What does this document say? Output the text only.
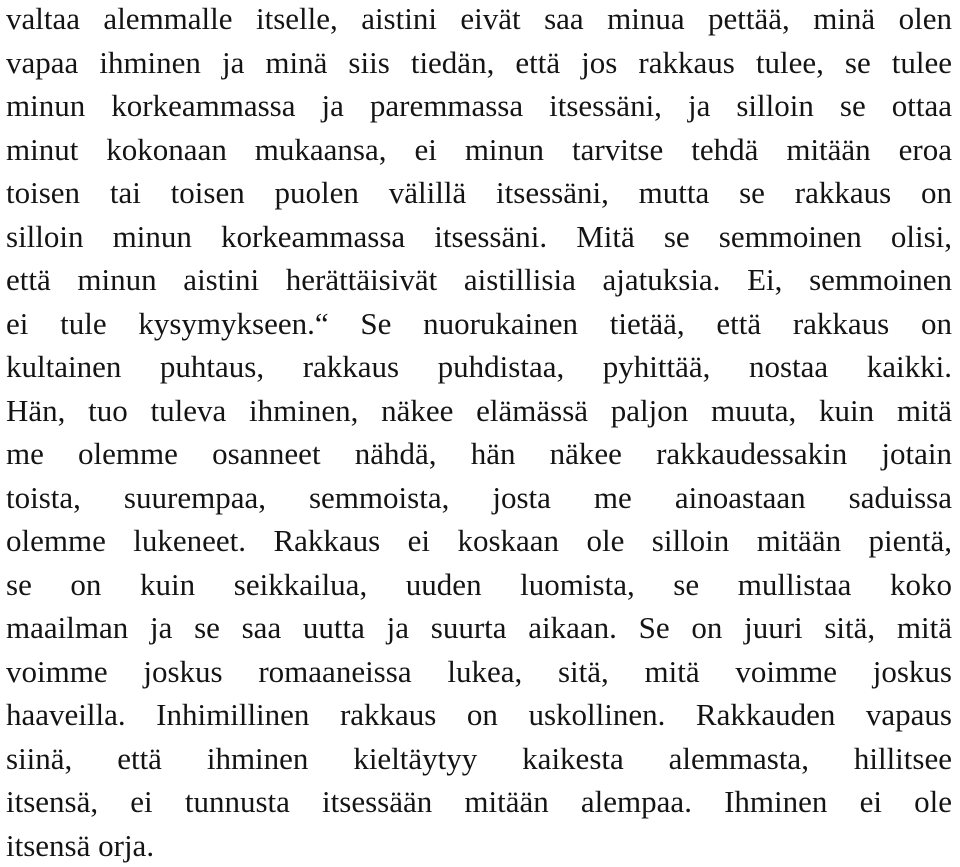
valtaa alemmalle itselle, aistini eivät saa minua pettää, minä olen
vapaa ihminen ja minä siis tiedän, että jos rakkaus tulee, se tulee
minun korkeammassa ja paremmassa itsessäni, ja silloin se ottaa
minut kokonaan mukaansa, ei minun tarvitse tehdä mitään eroa
toisen tai toisen puolen välillä itsessäni, mutta se rakkaus on
silloin minun korkeammassa itsessäni. Mitä se semmoinen olisi,
että minun aistini herättäisivät aistillisia ajatuksia. Ei, semmoinen
ei tule kysymykseen.“ Se nuorukainen tietää, että rakkaus on
kultainen puhtaus, rakkaus puhdistaa, pyhittää, nostaa kaikki.
Hän, tuo tuleva ihminen, näkee elämässä paljon muuta, kuin mitä
me olemme osanneet nähdä, hän näkee rakkaudessakin jotain
toista, suurempaa, semmoista, josta me ainoastaan saduissa
olemme lukeneet. Rakkaus ei koskaan ole silloin mitään pientä,
se on kuin seikkailua, uuden luomista, se mullistaa koko
maailman ja se saa uutta ja suurta aikaan. Se on juuri sitä, mitä
voimme joskus romaaneissa lukea, sitä, mitä voimme joskus
haaveilla. Inhimillinen rakkaus on uskollinen. Rakkauden vapaus
siinä, että ihminen kieltäytyy kaikesta alemmasta, hillitsee
itsensä, ei tunnusta itsessään mitään alempaa. Ihminen ei ole
itsensä orja.
